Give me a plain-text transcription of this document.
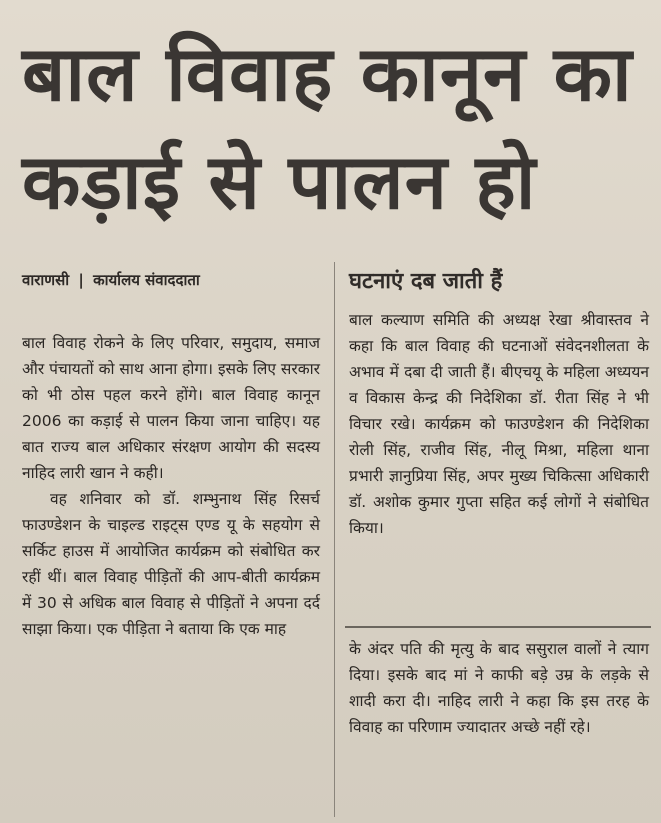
बाल विवाह कानून का
कड़ाई से पालन हो
वाराणसी | कार्यालय संवाददाता

बाल विवाह रोकने के लिए परिवार, समुदाय, समाज और पंचायतों को साथ आना होगा। इसके लिए सरकार को भी ठोस पहल करने होंगे। बाल विवाह कानून 2006 का कड़ाई से पालन किया जाना चाहिए। यह बात राज्य बाल अधिकार संरक्षण आयोग की सदस्य नाहिद लारी खान ने कही।

वह शनिवार को डॉ. शम्भुनाथ सिंह रिसर्च फाउण्डेशन के चाइल्ड राइट्स एण्ड यू के सहयोग से सर्किट हाउस में आयोजित कार्यक्रम को संबोधित कर रहीं थीं। बाल विवाह पीड़ितों की आप-बीती कार्यक्रम में 30 से अधिक बाल विवाह से पीड़ितों ने अपना दर्द साझा किया। एक पीड़िता ने बताया कि एक माह

घटनाएं दब जाती हैं

बाल कल्याण समिति की अध्यक्ष रेखा श्रीवास्तव ने कहा कि बाल विवाह की घटनाओं संवेदनशीलता के अभाव में दबा दी जाती हैं। बीएचयू के महिला अध्ययन व विकास केन्द्र की निदेशिका डॉ. रीता सिंह ने भी विचार रखे। कार्यक्रम को फाउण्डेशन की निदेशिका रोली सिंह, राजीव सिंह, नीलू मिश्रा, महिला थाना प्रभारी ज्ञानुप्रिया सिंह, अपर मुख्य चिकित्सा अधिकारी डॉ. अशोक कुमार गुप्ता सहित कई लोगों ने संबोधित किया।

के अंदर पति की मृत्यु के बाद ससुराल वालों ने त्याग दिया। इसके बाद मां ने काफी बड़े उम्र के लड़के से शादी करा दी। नाहिद लारी ने कहा कि इस तरह के विवाह का परिणाम ज्यादातर अच्छे नहीं रहे।
